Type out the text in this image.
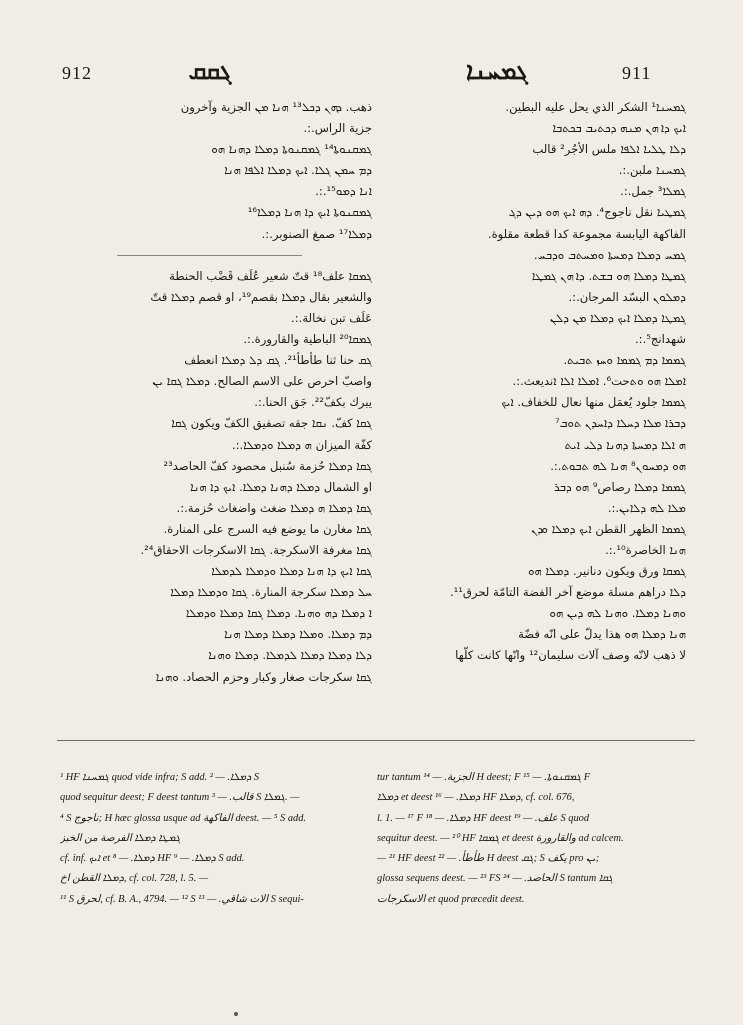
912	ܓܩܩ	ܓܡܚܢܐ	911
ذهب. ܕܗܢ ܕܟܠ¹³ ܗܢܐ ܡܢ الجزية وآخرون
جزية الراس.:.
ܓܡܩܢܘܬܐ¹⁴ ܓܡܩܢܘܬܐ ܕܡܠܐ ܕܗܢܐ ܗܘ
ܕܡ ܚܡܢ ܓܠܐ. ܐܝܟ ܕܡܠܐ ܐܠܦܐ ܗܢܐ
ܐܢܐ ܕܡܘ¹⁵.:.
ܓܡܩܢܘܬܐ ܐܝܟ ܕܐ ܗܢܐ ܕܡܠܐ¹⁶
ܕܡܠܐ¹⁷ صمغ الصنوبر.:.
ܓܡܩܐ علف¹⁸ قتّ شعير عُلَف قَضْب الحنطة
والشعير بقال ܕܡܠܐ بقصم¹⁹، او قصم ܕܡܠܐ قتّ
عَلَف تبن نخالة.:.
ܓܡܩܐ²⁰ الباطية والقارورة.:.
ܓܩ حنا ثنا طأطأ²¹. ܓܩ ܕܠ ܕܡܠܐ انعطف
واصبّ احرص على الاسم الصالح. ܕܡܠܐ ܓܩܐ ܝܢ
يبرك بكفّ²². جَق الحنا.:.
ܓܩܐ كفّ. ܢܩܐ جقه تصفيق الكفّ ويكون ܓܩܐ
كفّة الميزان ܗ ܕܡܠܐ ܘܕܡܠܐ.:.
ܓܩܐ ܕܡܠܐ حُزمة سُنبل محصود كفّ الحاصد²³
او الشمال ܕܡܠܐ ܕܗܢܐ ܕܡܠܐ. ܐܝܟ ܕܐ ܗܢܐ
ܓܩܐ ܕܡܠܐ ܗ ܕܡܠܐ ضغث واضغاث حُزمة.:.
ܓܩܐ مغارن ما يوضع فيه السرج على المنارة.
ܓܩܐ مغرفة الاسكرجة. ܓܩܐ الاسكرجات الاحقاق²⁴.
ܓܩܐ ܐܝܟ ܕܐ ܗܢܐ ܕܡܠܐ ܘܕܡܠܐ ܠܕܡܠܐ
ܚܠ ܕܡܠܐ سكرجة المنارة. ܓܩܐ ܘܕܡܠܐ ܕܡܠܐ
ܐ ܕܡܠܐ ܕܗ ܘܗܢܐ. ܕܡܠܐ ܓܩܐ ܕܡܠܐ ܘܕܡܠܐ
ܕܡ ܕܡܠܐ. ܘܡܠܐ ܕܡܠܐ ܕܡܠܐ ܗܢܐ
ܕܠܐ ܕܡܠܐ ܕܡܠܐ ܠܕܡܠܐ. ܕܡܠܐ ܘܗܢܐ
ܓܩܐ سكرجات صغار وكبار وحزم الحصاد. ܘܗܢܐ
ܓܡܚܢܐ¹ الشكر الذي يحل عليه البطين.
ܐܝܟ ܕܐ ܗܢ ܡܢܗ ܕܟܬܝܒ ܒܟܬܒܐ
ܕܠܐ ܛܠܝܐ ܐܠܦܐ ملس الأجُر² قالب
ܓܡܚܢܐ ملبن.:.
ܓܡܠܐ³ جمل.:.
ܓܡܛܝܐ نقل ناجوج⁴. ܕܗ ܐܝܟ ܗܘ ܕܝܢ ܕܓ
الفاكهة اليابسة مجموعة كدا قطعة مقلوة.
ܓܡܚ ܕܡܠܐ ܕܡܚܬܐ ܘܡܚܬܒ ܘܕܒܚ.
ܓܡܛܐ ܕܡܠܐ ܗܘ ܒܫܬ. ܕܐ ܗܢ ܓܡܛܐ
ܕܡܠܘܢ البسّد المرجان.:.
ܓܡܛܐ ܕܡܠܐ ܐܝܟ ܕܡܠܐ ܡܢ ܕܠܢ
شهدانج⁵.:.
ܓܡܡܐ ܕܡ ܓܡܡܐ ܘܚܙ ܬܒܝܬ.
ܐܡܠܐ ܗܘ ܘܬحت⁶. ܐܡܠܐ ܐܠܐ ܐنديعث.:.
ܓܡܡܐ جلود يُعمَل منها نعال للخفاف. ܐܝܟ
ܕܒܪܐ ܡܠܐ ܕܚܠܐ ܕܐܚܕܢ ܬܘܒ⁷
ܗ ܐܠܐ ܕܡܚܬܐ ܕܗܢܐ ܕܠܝ ܐܝܬ
ܗܘ ܕܡܚܘܢ⁸ ܗܢܐ ܠܗ ܬܒܘܬ.:.
ܓܡܡܐ ܕܡܠܐ رصاص⁹ ܗܘ ܕܒܪ
ܡܠܐ ܠܗ ܕܠܐܝܢ.:.
ܓܡܡܐ الظهر القطن ܐܝܟ ܕܡܠܐ ܘܕܢ
ܗܢܐ الخاصرة¹⁰.:.
ܓܡܩܐ ورق ويكون دنانير. ܕܡܠܐ ܗܘ
ܕܠܐ دراهم مسلة موضع آخر الفضة التامّة لحرق¹¹.
ܘܗܢܐ ܕܡܠܐ. ܘܗܢܐ ܠܗ ܕܝܢ ܗܘ
ܗܢܐ ܕܡܠܐ ܗܘ هذا يدلّ على انّه فضّة
لا ذهب لانّه وصف آلات سليمان¹² وانّها كانت كلّها
¹ HF ܓܡܚܢܐ quod vide infra; S add. ܕܡܠܐ. — ² S
quod sequitur deest; F deest tantum قالب. — ³ S ܓܡܠܐ. —
⁴ S ناجوج; H hæc glossa usque ad الفاكهة deest. — ⁵ S add.
ܓܡܛܐ ܕܡܠܐ الفرصة من الخبز
cf. inf. ܐܝܟ et ܕܡܠܐ. — ⁸ HF ܕܡܠܐ. — ⁹ S add.
ܕܡܠܐ القطن اخ, cf. col. 728, l. 5. —
¹¹ S لحرق, cf. B. A., 4794. — ¹² S الات شاقي. — ¹³ S sequi-
tur tantum الجزية. — ¹⁴ H deest; F ܓܡܩܢܘܬܐ. — ¹⁵ F
ܕܡܠܐ et deest ܕܡܠܐ. — ¹⁶ HF ܕܡܠܐ, cf. col. 676,
l. 1. — ¹⁷ F ܕܡܠܐ. — ¹⁸ HF deest علف. — ¹⁹ S quod
sequitur deest. — ²⁰ HF ܓܡܩܐ et deest والقارورة ad calcem.
— ²¹ HF deest طأطأ. — ²² H deest ܓܩ; S يكف pro ܝܢ;
glossa sequens deest. — ²³ FS الحاصد. — ²⁴ S tantum ܓܩܐ
الاسكرجات et quod præcedit deest.
